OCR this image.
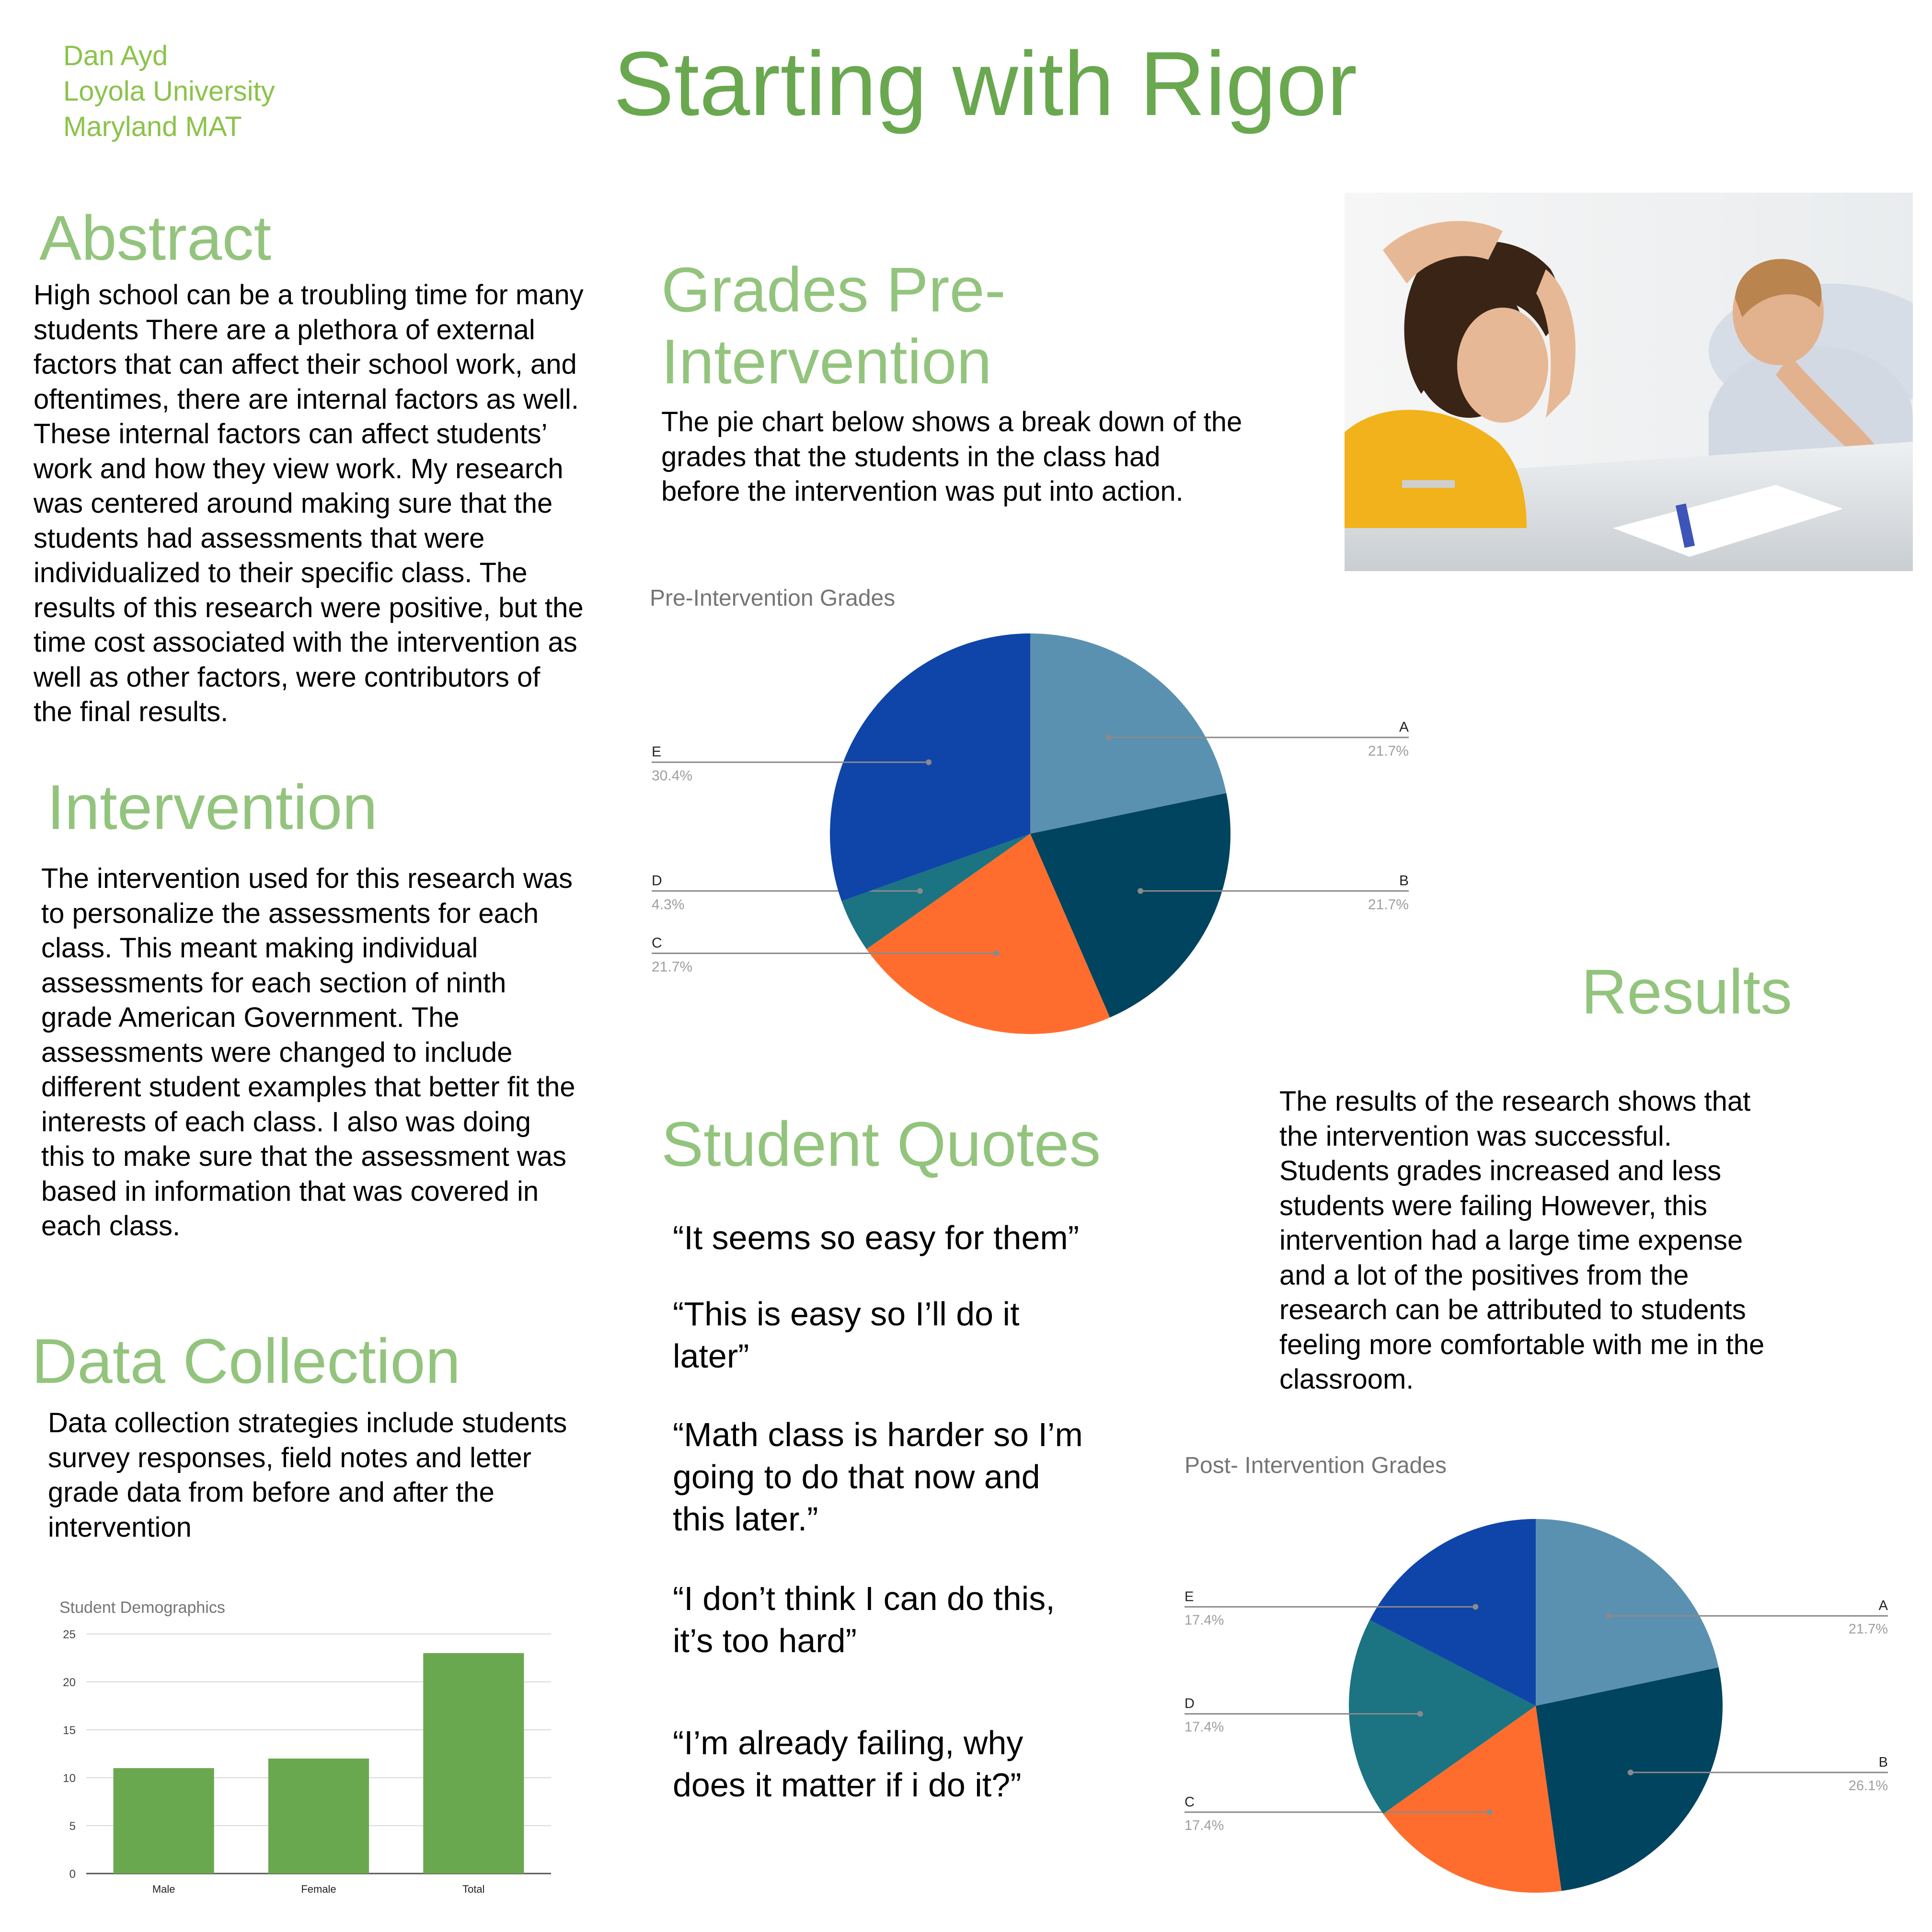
Dan Ayd
Loyola University
Maryland MAT	Starting with Rigor
Abstract
High school can be a troubling time for many
students There are a plethora of external
factors that can affect their school work, and
oftentimes, there are internal factors as well.
These internal factors can affect students’
work and how they view work. My research
was centered around making sure that the
students had assessments that were
individualized to their specific class. The
results of this research were positive, but the
time cost associated with the intervention as
well as other factors, were contributors of
the final results.
Intervention
The intervention used for this research was
to personalize the assessments for each
class. This meant making individual
assessments for each section of ninth
grade American Government. The
assessments were changed to include
different student examples that better fit the
interests of each class. I also was doing
this to make sure that the assessment was
based in information that was covered in
each class.
Data Collection
Data collection strategies include students
survey responses, field notes and letter
grade data from before and after the
intervention
Student Demographics
0
5
10
15
20
25
Male	Female	Total
Grades Pre-
Intervention
The pie chart below shows a break down of the
grades that the students in the class had
before the intervention was put into action.
Pre-Intervention Grades
A
21.7%
B
21.7%
C
21.7%
D
4.3%
E
30.4%
Results
The results of the research shows that
the intervention was successful.
Students grades increased and less
students were failing However, this
intervention had a large time expense
and a lot of the positives from the
research can be attributed to students
feeling more comfortable with me in the
classroom.
Student Quotes
“It seems so easy for them”
“This is easy so I’ll do it
later”
“Math class is harder so I’m
going to do that now and
this later.”
“I don’t think I can do this,
it’s too hard”
“I’m already failing, why
does it matter if i do it?”
Post- Intervention Grades
A
21.7%
B
26.1%
C
17.4%
D
17.4%
E
17.4%
